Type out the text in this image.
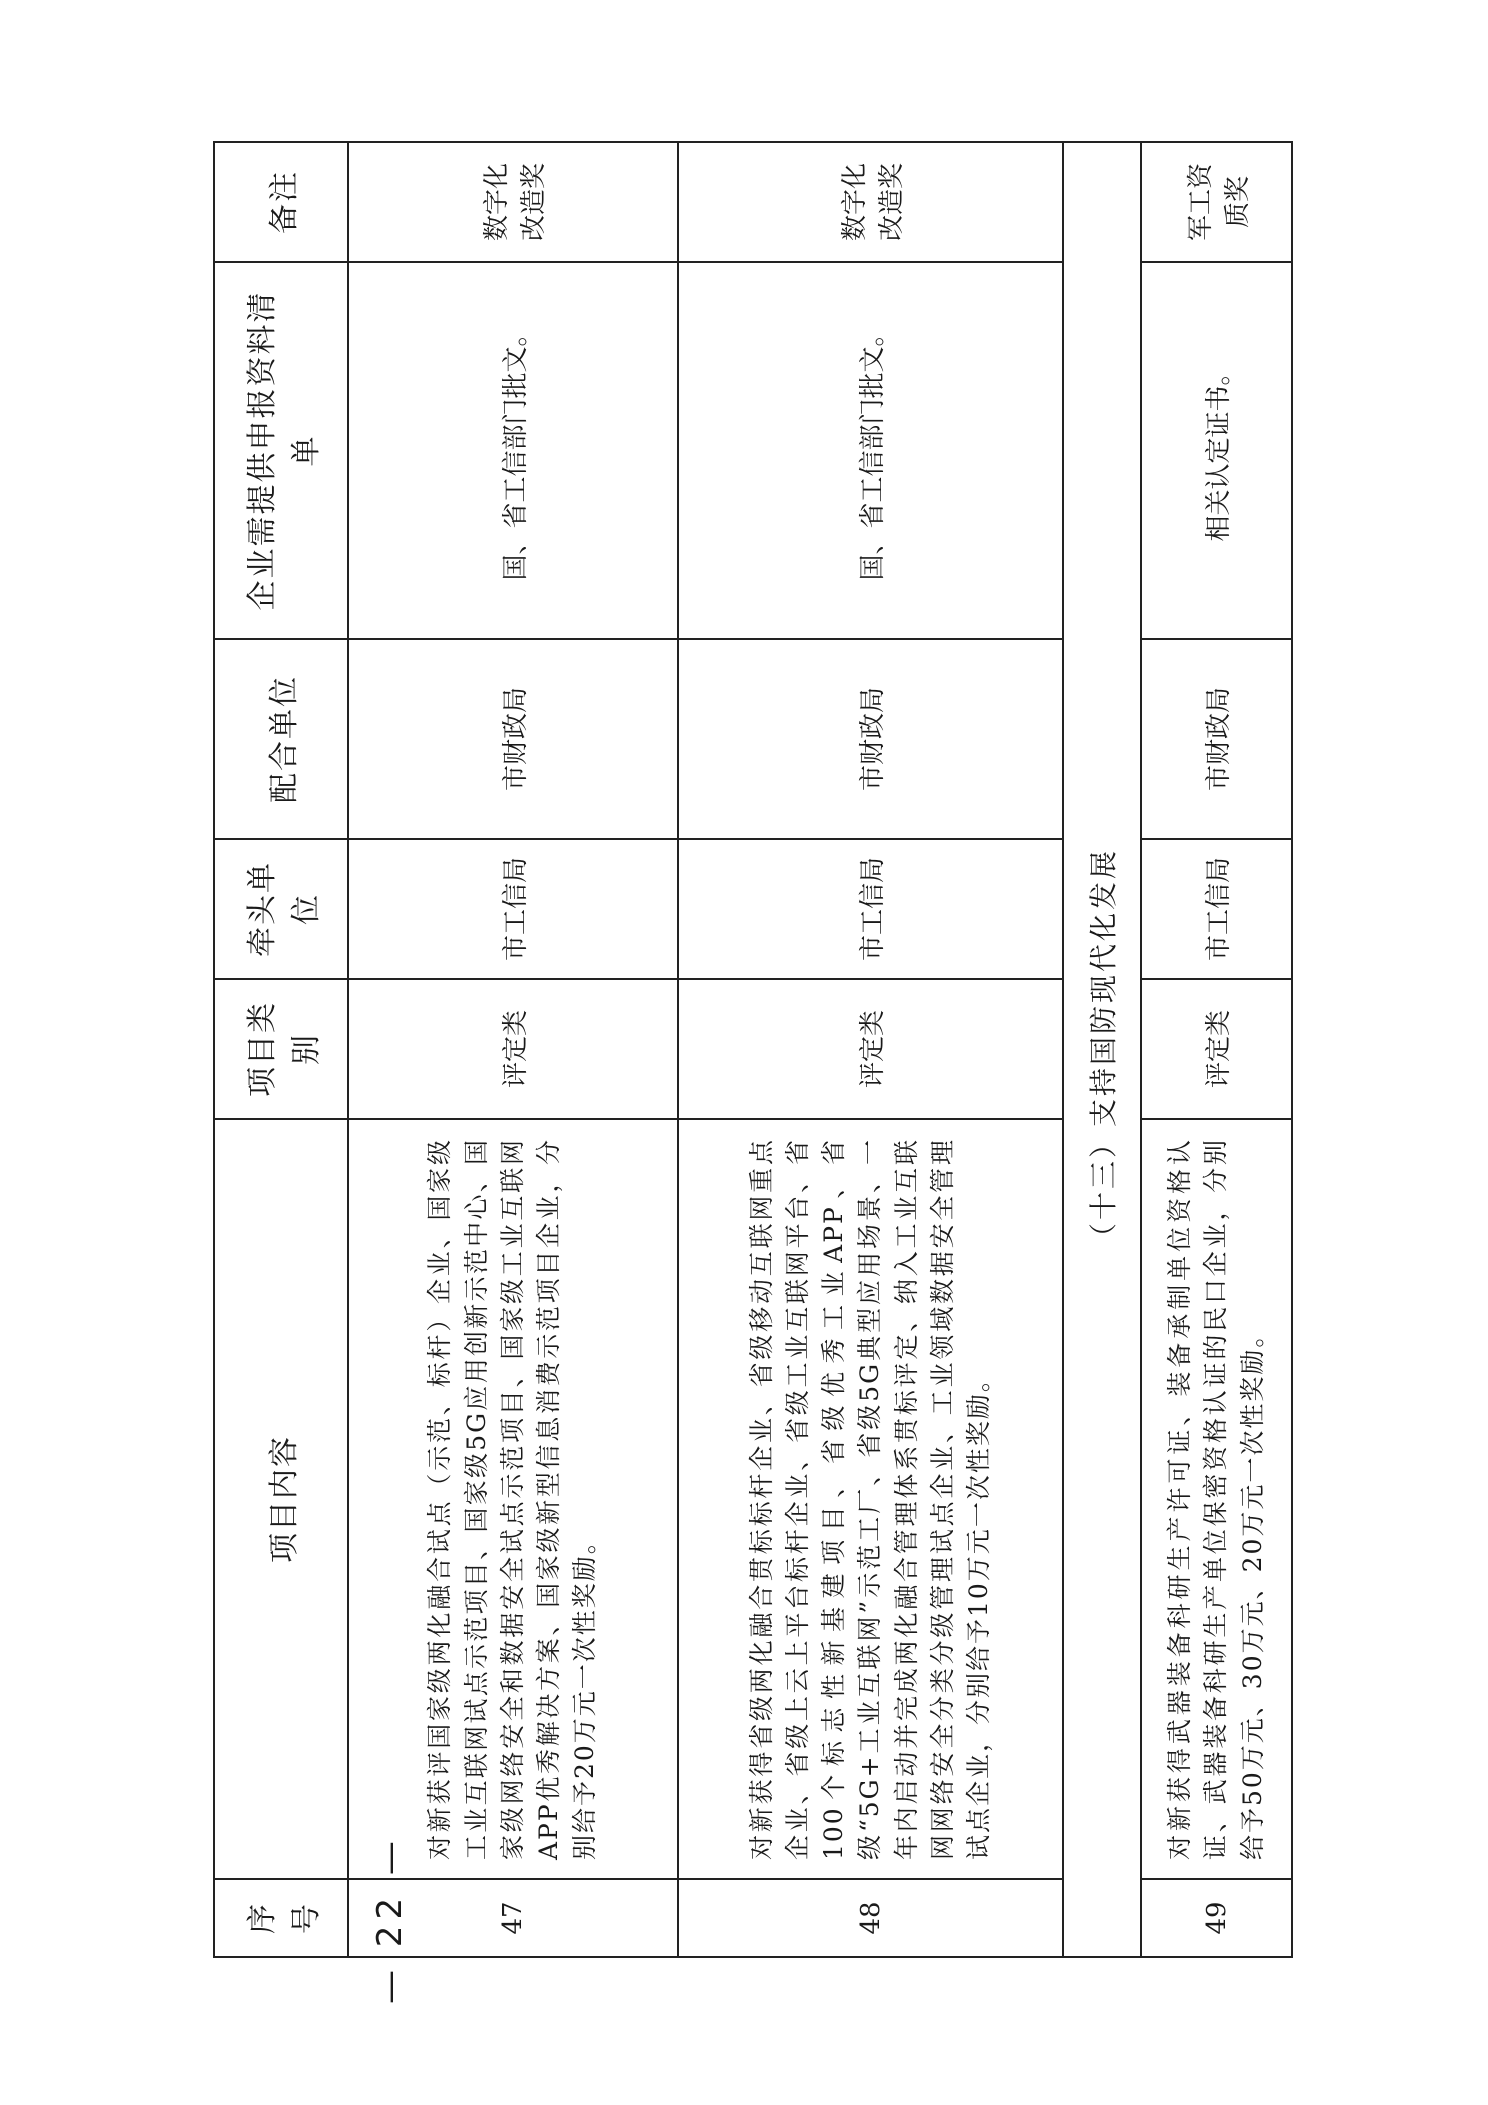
序号	项目内容	项目类别	牵头单位	配合单位	企业需提供申报资料清单	备注
47	对新获评国家级两化融合试点（示范、标杆）企业、国家级工业互联网试点示范项目、国家级5G应用创新示范中心、国家级网络安全和数据安全试点示范项目、国家级工业互联网APP优秀解决方案、国家级新型信息消费示范项目企业，分别给予20万元一次性奖励。	评定类	市工信局	市财政局	国、省工信部门批文。	数字化改造奖
48	对新获得省级两化融合贯标标杆企业、省级移动互联网重点企业、省级上云上平台标杆企业、省级工业互联网平台、省100个标志性新基建项目、省级优秀工业APP、省级“5G+工业互联网”示范工厂、省级5G典型应用场景、一年内启动并完成两化融合管理体系贯标评定、纳入工业互联网网络安全分类分级管理试点企业、工业领域数据安全管理试点企业，分别给予10万元一次性奖励。	评定类	市工信局	市财政局	国、省工信部门批文。	数字化改造奖
（十三）支持国防现代化发展						
49	对新获得武器装备科研生产许可证、装备承制单位资格认证、武器装备科研生产单位保密资格认证的民口企业，分别给予50万元、30万元、20万元一次性奖励。	评定类	市工信局	市财政局	相关认定证书。	军工资质奖
— 22 —
